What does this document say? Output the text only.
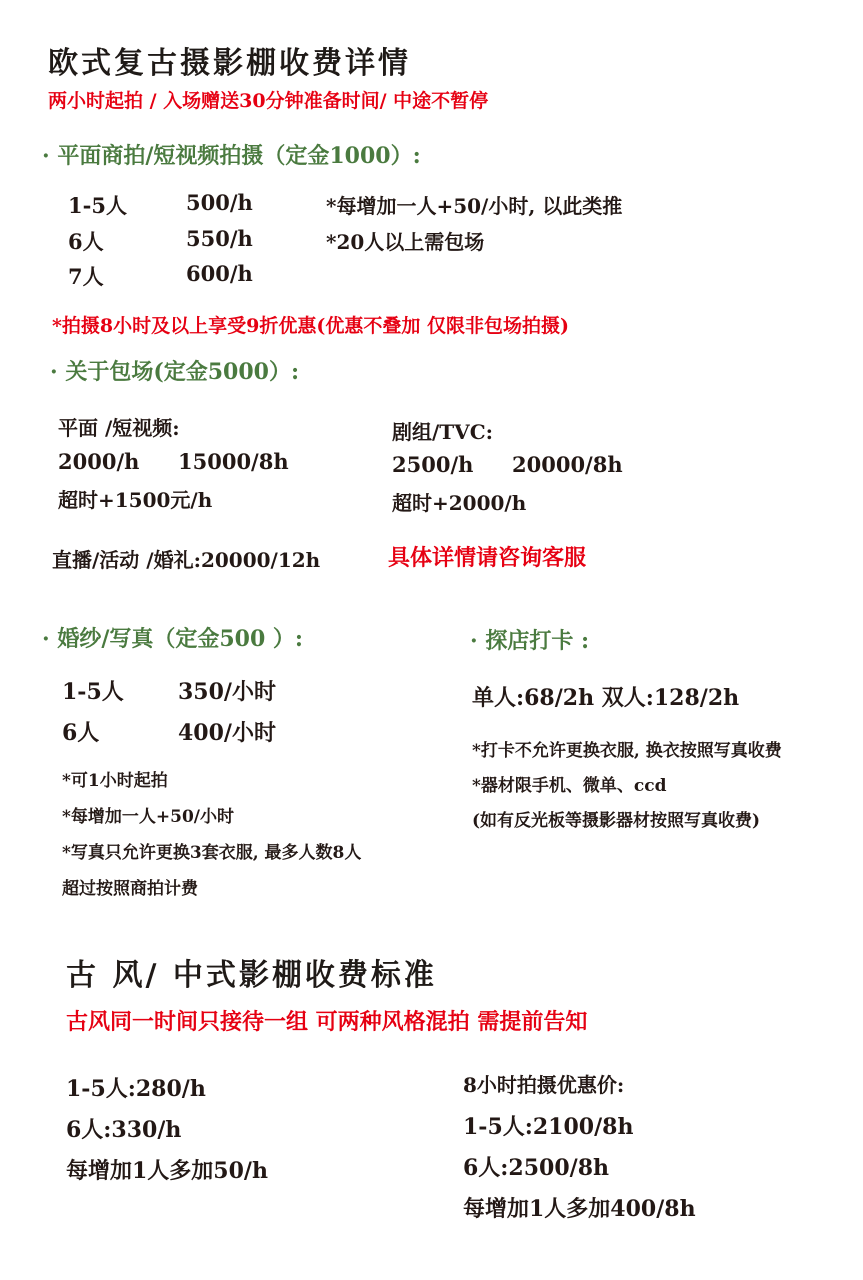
欧式复古摄影棚收费详情
两小时起拍 / 入场赠送30分钟准备时间/ 中途不暂停
· 平面商拍/短视频拍摄（定金1000）:
1-5人	500/h
6人	550/h
7人	600/h
*每增加一人+50/小时, 以此类推
*20人以上需包场
*拍摄8小时及以上享受9折优惠(优惠不叠加 仅限非包场拍摄)
· 关于包场(定金5000）:
平面 /短视频:
2000/h 15000/8h
超时+1500元/h
剧组/TVC:
2500/h 20000/8h
超时+2000/h
直播/活动 /婚礼:20000/12h	具体详情请咨询客服
· 婚纱/写真（定金500 ）:
1-5人 350/小时
6人	400/小时
*可1小时起拍
*每增加一人+50/小时
*写真只允许更换3套衣服, 最多人数8人
超过按照商拍计费
· 探店打卡 :
单人:68/2h 双人:128/2h
*打卡不允许更换衣服, 换衣按照写真收费
*器材限手机、微单、ccd
(如有反光板等摄影器材按照写真收费)
古 风/ 中式影棚收费标准
古风同一时间只接待一组 可两种风格混拍 需提前告知
1-5人:280/h
6人:330/h
每增加1人多加50/h
8小时拍摄优惠价:
1-5人:2100/8h
6人:2500/8h
每增加1人多加400/8h
